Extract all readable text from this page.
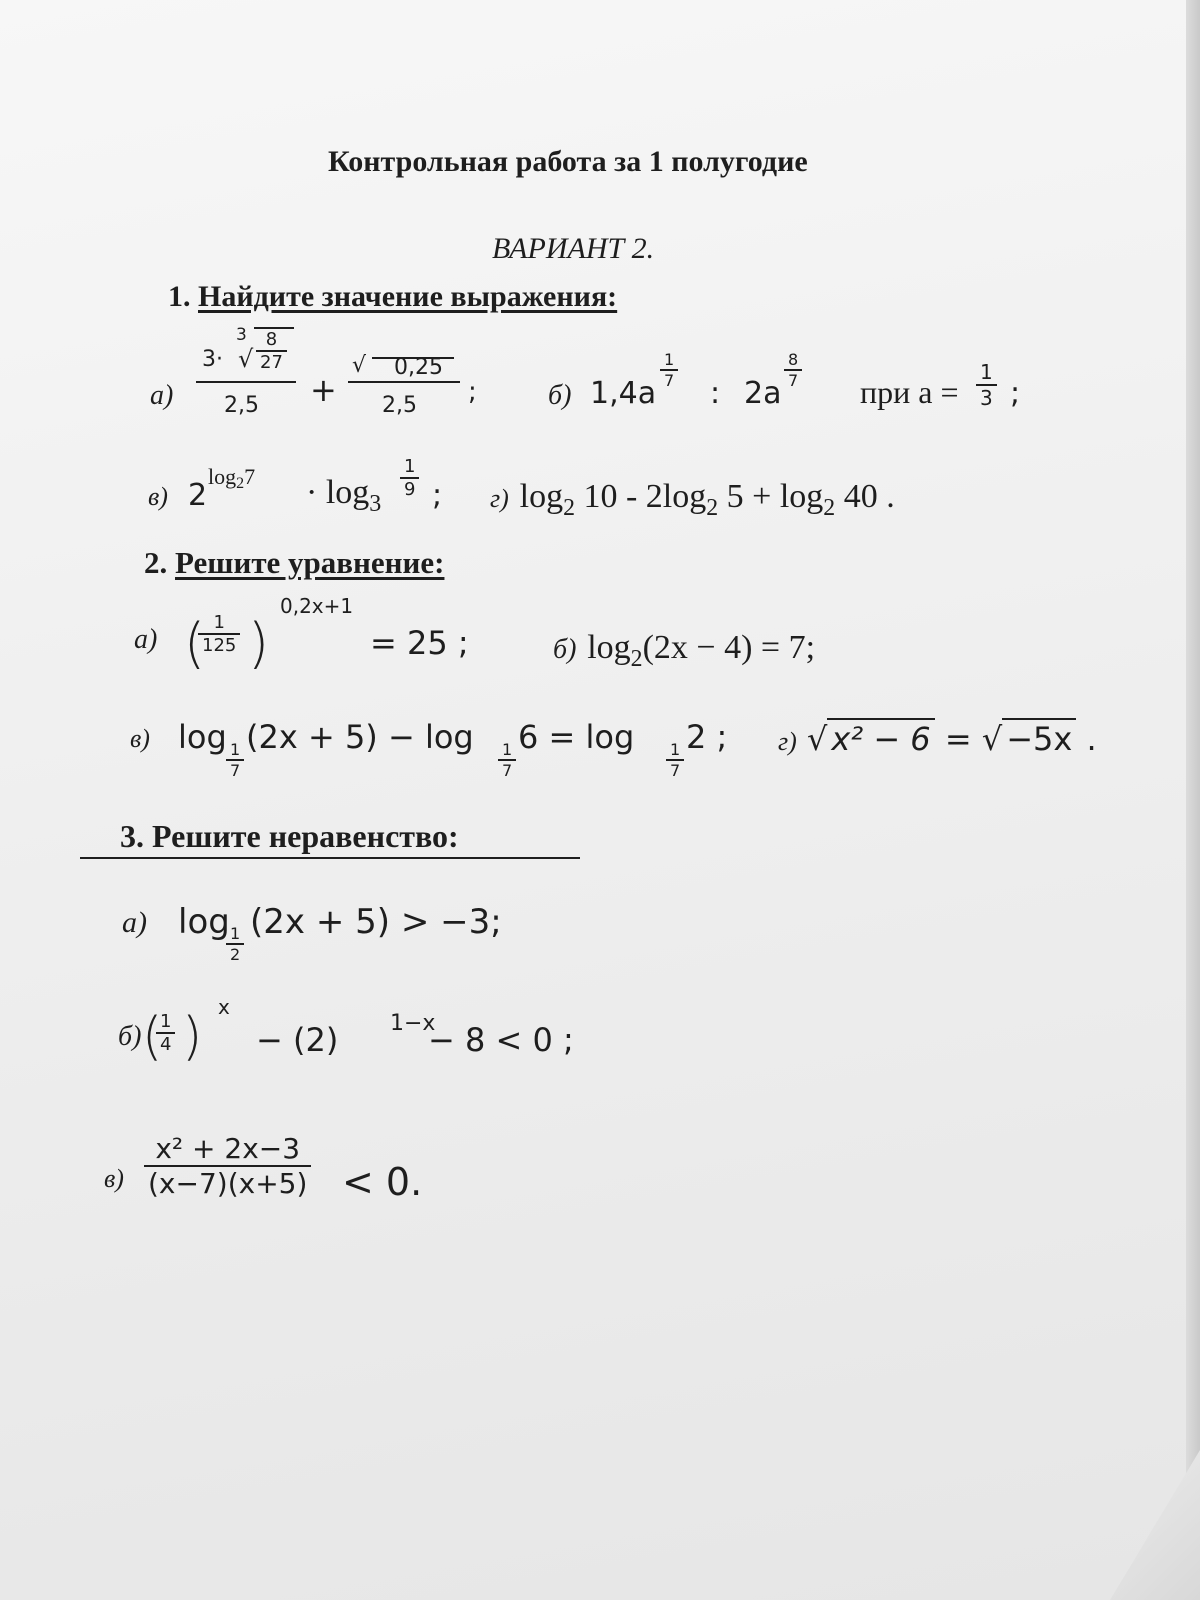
Контрольная работа за 1 полугодие
ВАРИАНТ 2.
1. Найдите значение выражения:
а)
3·
3
√ $\frac{8}{27}$
2,5 +
√ 0,25
2,5 ;	б) 1,4a
$\frac{1}{7}$
: 2a
$\frac{8}{7}$
при $a = \frac{1}{3}$ ;
в) 2
$\log 27 \cdot \log_3$
$\frac{1}{9}$ ; г) $\log_2 10 - 2\log_2$ $5 + \log_2 40$ .
2. Решите уравнение:
а) (
$\frac{1}{125}$ )
0,2x+1
= 25 ;	б) $\log_2(2x - 4) = 7$;
в) log
$\frac{1}{7}$
(2x + 5) − log
$\frac{1}{7}$
6 = log
$\frac{1}{7}$
2 ; г) √ x² − 6 = √ −5x .
3. Решите неравенство:
а) log
$\frac{1}{2}$
(2x + 5) > −3;
б) (
$\frac{1}{4}$ ) x
− (2) 1−x
− 8 < 0 ;
$в) \frac{\text{x² + 2x−3}}{(x-7)(x+5)} < 0$.
